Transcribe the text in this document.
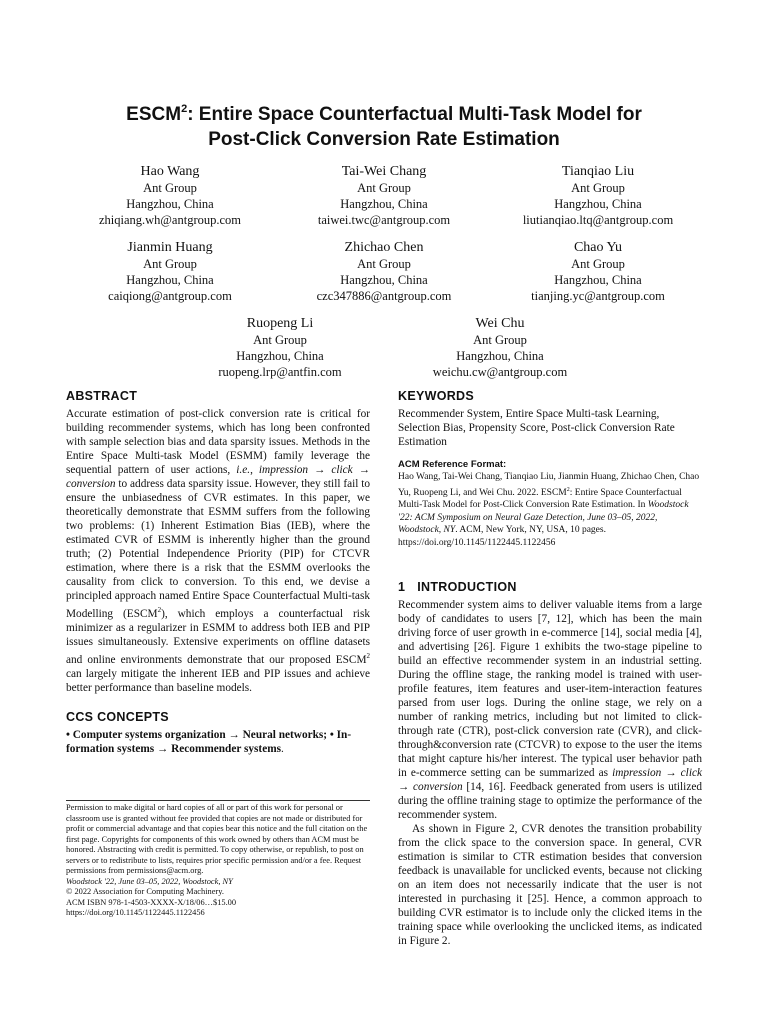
ESCM$^2$: Entire Space Counterfactual Multi-Task Model for
Post-Click Conversion Rate Estimation
Hao Wang
Ant Group
Hangzhou, China
zhiqiang.wh@antgroup.com
Tai-Wei Chang
Ant Group
Hangzhou, China
taiwei.twc@antgroup.com
Tianqiao Liu
Ant Group
Hangzhou, China
liutianqiao.ltq@antgroup.com
Jianmin Huang
Ant Group
Hangzhou, China
caiqiong@antgroup.com
Zhichao Chen
Ant Group
Hangzhou, China
czc347886@antgroup.com
Chao Yu
Ant Group
Hangzhou, China
tianjing.yc@antgroup.com
Ruopeng Li
Ant Group
Hangzhou, China
ruopeng.lrp@antfin.com
Wei Chu
Ant Group
Hangzhou, China
weichu.cw@antgroup.com
ABSTRACT

Accurate estimation of post-click conversion rate is critical for building recommender systems, which has long been confronted with sample selection bias and data sparsity issues. Methods in the Entire Space Multi-task Model (ESMM) family leverage the sequential pattern of user actions, i.e., impression → click → conversion to address data sparsity issue. However, they still fail to ensure the unbiasedness of CVR estimates. In this paper, we theoretically demonstrate that ESMM suffers from the following two problems: (1) Inherent Estimation Bias (IEB), where the estimated CVR of ESMM is inherently higher than the ground truth; (2) Potential Independence Priority (PIP) for CTCVR estimation, where there is a risk that the ESMM overlooks the causality from click to conversion. To this end, we devise a principled approach named Entire Space Counterfactual Multi-task Modelling (ESCM$^2$), which employs a counterfactual risk minimizer as a regularizer in ESMM to address both IEB and PIP issues simultaneously. Extensive experiments on offline datasets and online environments demonstrate that our proposed ESCM$^2$ can largely mitigate the inherent IEB and PIP issues and achieve better performance than baseline models.

CCS CONCEPTS
• Computer systems organization → Neural networks; • In-formation systems → Recommender systems.

Permission to make digital or hard copies of all or part of this work for personal or classroom use is granted without fee provided that copies are not made or distributed for profit or commercial advantage and that copies bear this notice and the full citation on the first page. Copyrights for components of this work owned by others than ACM must be honored. Abstracting with credit is permitted. To copy otherwise, or republish, to post on servers or to redistribute to lists, requires prior specific permission and/or a fee. Request permissions from permissions@acm.org.

Woodstock '22, June 03–05, 2022, Woodstock, NY
© 2022 Association for Computing Machinery.
ACM ISBN 978-1-4503-XXXX-X/18/06…$15.00
https://doi.org/10.1145/1122445.1122456
KEYWORDS

Recommender System, Entire Space Multi-task Learning, Selection Bias, Propensity Score, Post-click Conversion Rate Estimation

ACM Reference Format:
Hao Wang, Tai-Wei Chang, Tianqiao Liu, Jianmin Huang, Zhichao Chen, Chao Yu, Ruopeng Li, and Wei Chu. 2022. ESCM$^2$: Entire Space Counterfactual Multi-Task Model for Post-Click Conversion Rate Estimation. In Woodstock '22: ACM Symposium on Neural Gaze Detection, June 03–05, 2022, Woodstock, NY. ACM, New York, NY, USA, 10 pages. https://doi.org/10.1145/1122445.1122456
1 INTRODUCTION

Recommender system aims to deliver valuable items from a large body of candidates to users [7, 12], which has been the main driving force of user growth in e-commerce [14], social media [4], and advertising [26]. Figure 1 exhibits the two-stage pipeline to build an effective recommender system in an industrial setting. During the offline stage, the ranking model is trained with user-profile features, item features and user-item-interaction features parsed from user logs. During the online stage, we rely on a number of ranking metrics, including but not limited to click-through rate (CTR), post-click conversion rate (CVR), and click-through&conversion rate (CTCVR) to expose to the user the items that might capture his/her interest. The typical user behavior path in e-commerce setting can be summarized as impression → click → conversion [14, 16]. Feedback generated from users is utilized during the offline training stage to optimize the performance of the recommender system.

As shown in Figure 2, CVR denotes the transition probability from the click space to the conversion space. In general, CVR estimation is similar to CTR estimation besides that conversion feedback is unavailable for unclicked events, because not clicking on an item does not necessarily indicate that the user is not interested in purchasing it [25]. Hence, a common approach to building CVR estimator is to include only the clicked items in the training space while overlooking the unclicked items, as indicated in Figure 2.
